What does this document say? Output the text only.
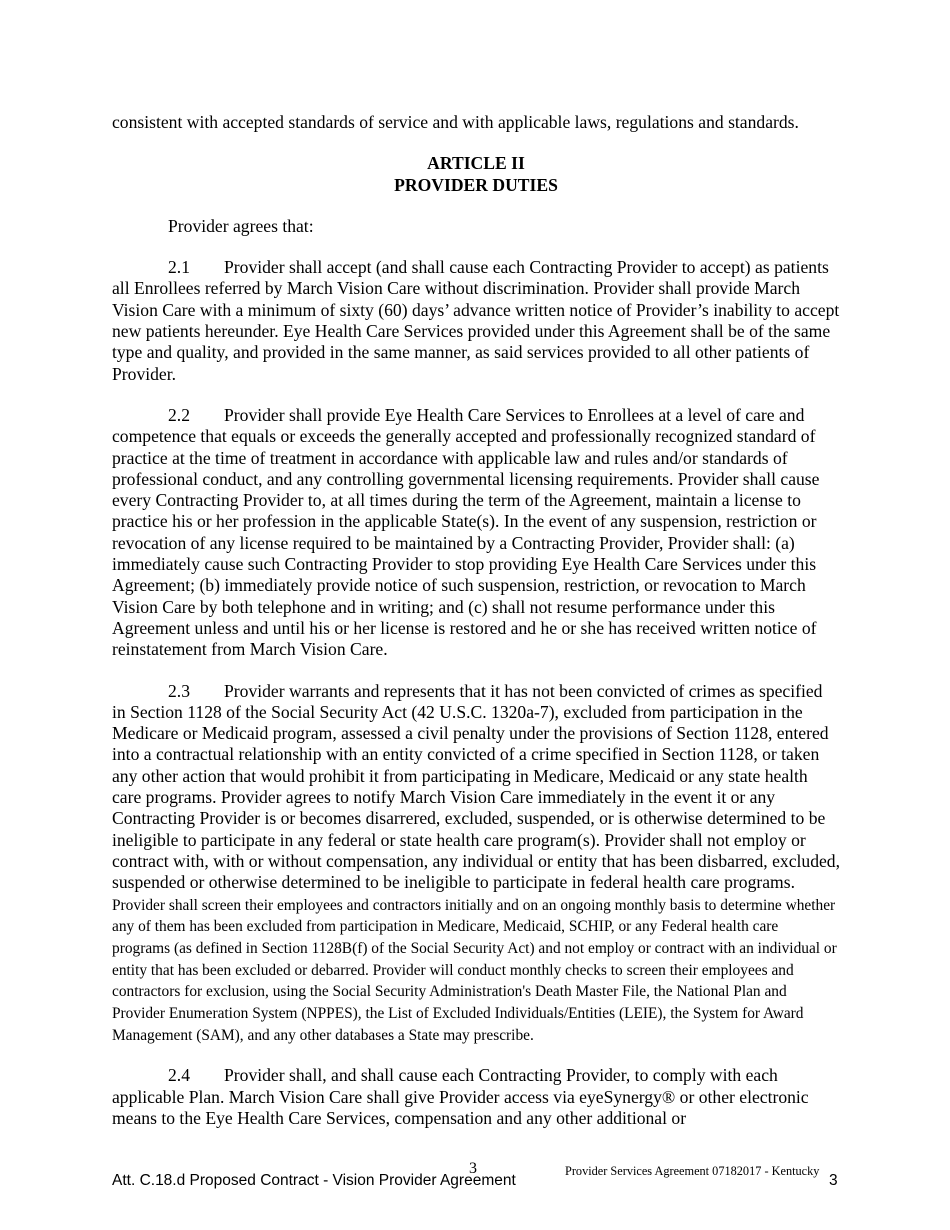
consistent with accepted standards of service and with applicable laws, regulations and standards.

ARTICLE II
PROVIDER DUTIES

Provider agrees that:

2.1 Provider shall accept (and shall cause each Contracting Provider to accept) as patients all Enrollees referred by March Vision Care without discrimination. Provider shall provide March Vision Care with a minimum of sixty (60) days’ advance written notice of Provider’s inability to accept new patients hereunder. Eye Health Care Services provided under this Agreement shall be of the same type and quality, and provided in the same manner, as said services provided to all other patients of Provider.

2.2 Provider shall provide Eye Health Care Services to Enrollees at a level of care and competence that equals or exceeds the generally accepted and professionally recognized standard of practice at the time of treatment in accordance with applicable law and rules and/or standards of professional conduct, and any controlling governmental licensing requirements. Provider shall cause every Contracting Provider to, at all times during the term of the Agreement, maintain a license to practice his or her profession in the applicable State(s). In the event of any suspension, restriction or revocation of any license required to be maintained by a Contracting Provider, Provider shall: (a) immediately cause such Contracting Provider to stop providing Eye Health Care Services under this Agreement; (b) immediately provide notice of such suspension, restriction, or revocation to March Vision Care by both telephone and in writing; and (c) shall not resume performance under this Agreement unless and until his or her license is restored and he or she has received written notice of reinstatement from March Vision Care.

2.3 Provider warrants and represents that it has not been convicted of crimes as specified in Section 1128 of the Social Security Act (42 U.S.C. 1320a-7), excluded from participation in the Medicare or Medicaid program, assessed a civil penalty under the provisions of Section 1128, entered into a contractual relationship with an entity convicted of a crime specified in Section 1128, or taken any other action that would prohibit it from participating in Medicare, Medicaid or any state health care programs. Provider agrees to notify March Vision Care immediately in the event it or any Contracting Provider is or becomes disarrered, excluded, suspended, or is otherwise determined to be ineligible to participate in any federal or state health care program(s). Provider shall not employ or contract with, with or without compensation, any individual or entity that has been disbarred, excluded, suspended or otherwise determined to be ineligible to participate in federal health care programs. Provider shall screen their employees and contractors initially and on an ongoing monthly basis to determine whether any of them has been excluded from participation in Medicare, Medicaid, SCHIP, or any Federal health care programs (as defined in Section 1128B(f) of the Social Security Act) and not employ or contract with an individual or entity that has been excluded or debarred. Provider will conduct monthly checks to screen their employees and contractors for exclusion, using the Social Security Administration's Death Master File, the National Plan and Provider Enumeration System (NPPES), the List of Excluded Individuals/Entities (LEIE), the System for Award Management (SAM), and any other databases a State may prescribe.

2.4 Provider shall, and shall cause each Contracting Provider, to comply with each applicable Plan. March Vision Care shall give Provider access via eyeSynergy® or other electronic means to the Eye Health Care Services, compensation and any other additional or

Att. C.18.d Proposed Contract - Vision Provider Agreement
3	Provider Services Agreement 07182017 - Kentucky
3
